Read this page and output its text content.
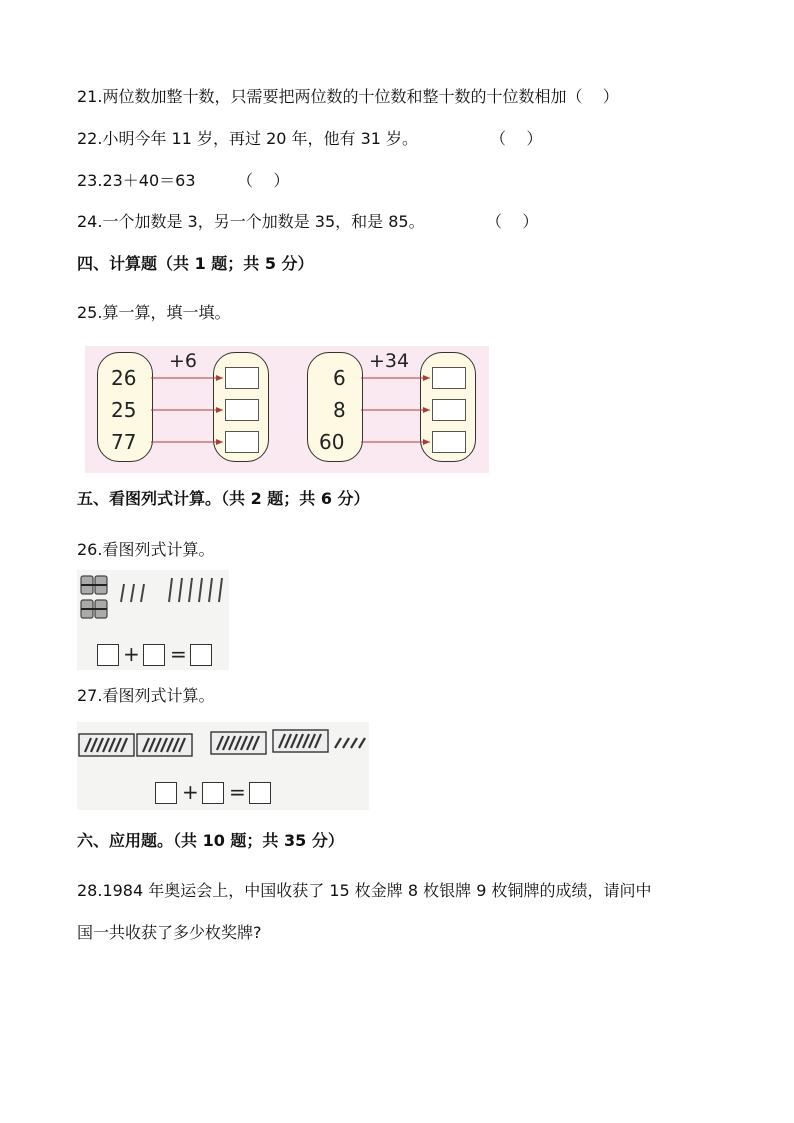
21.两位数加整十数，只需要把两位数的十位数和整十数的十位数相加（    ）
22.小明今年 11 岁，再过 20 年，他有 31 岁。	（    ）
23.23＋40＝63	（    ）
24.一个加数是 3，另一个加数是 35，和是 85。	（    ）
四、计算题（共 1 题；共 5 分）
25.算一算，填一填。
+6
26
25
77
+34
6
8
60
五、看图列式计算。（共 2 题；共 6 分）
26.看图列式计算。
+ =
27.看图列式计算。
+ =
六、应用题。（共 10 题；共 35 分）
28.1984 年奥运会上，中国收获了 15 枚金牌 8 枚银牌 9 枚铜牌的成绩，请问中
国一共收获了多少枚奖牌?
